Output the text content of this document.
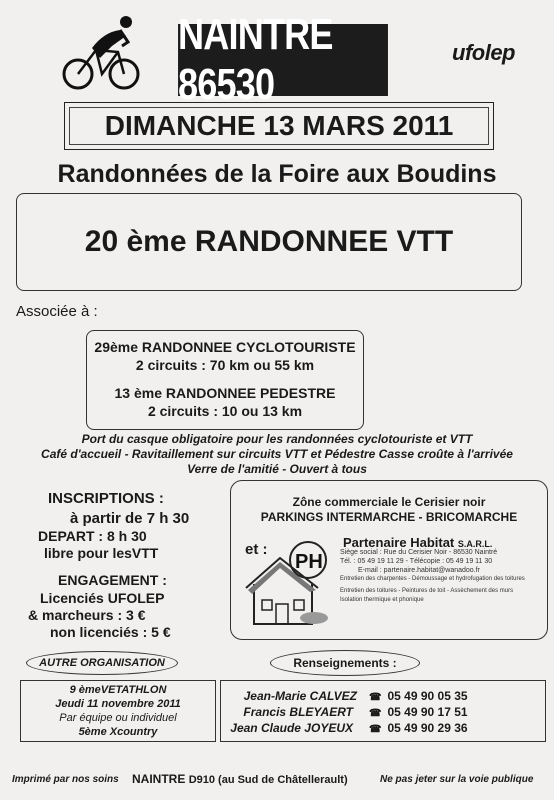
NAINTRE 86530
ufolep
DIMANCHE 13 MARS 2011
Randonnées de la Foire aux Boudins
20 ème RANDONNEE VTT
Associée à :
29ème RANDONNEE CYCLOTOURISTE
2 circuits : 70 km ou 55 km
13 ème RANDONNEE PEDESTRE
2 circuits : 10 ou 13 km
Port du casque obligatoire pour les randonnées cyclotouriste et VTT
Café d'accueil - Ravitaillement sur circuits VTT et Pédestre Casse croûte à l'arrivée
Verre de l'amitié - Ouvert à tous
INSCRIPTIONS :
à partir de 7 h 30
DEPART : 8 h 30
libre pour lesVTT
ENGAGEMENT :
Licenciés UFOLEP
& marcheurs : 3 €
non licenciés : 5 €
Zône commerciale le Cerisier noir
PARKINGS INTERMARCHE - BRICOMARCHE
et :	Partenaire Habitat S.A.R.L.
Siège social : Rue du Cerisier Noir - 86530 Naintré
Tél. : 05 49 19 11 29 - Télécopie : 05 49 19 11 30
E-mail : partenaire.habitat@wanadoo.fr
Entretien des charpentes - Démoussage et hydrofugation des toitures
Entretien des toitures - Peintures de toit - Assèchement des murs
Isolation thermique et phonique
PH
AUTRE ORGANISATION	Renseignements :
9 èmeVETATHLON
Jeudi 11 novembre 2011
Par équipe ou individuel
5ème Xcountry
Jean-Marie CALVEZ ☎ 05 49 90 05 35
Francis BLEYAERT ☎ 05 49 90 17 51
Jean Claude JOYEUX ☎ 05 49 90 29 36
Imprimé par nos soins NAINTRE D910 (au Sud de Châtellerault)	Ne pas jeter sur la voie publique
